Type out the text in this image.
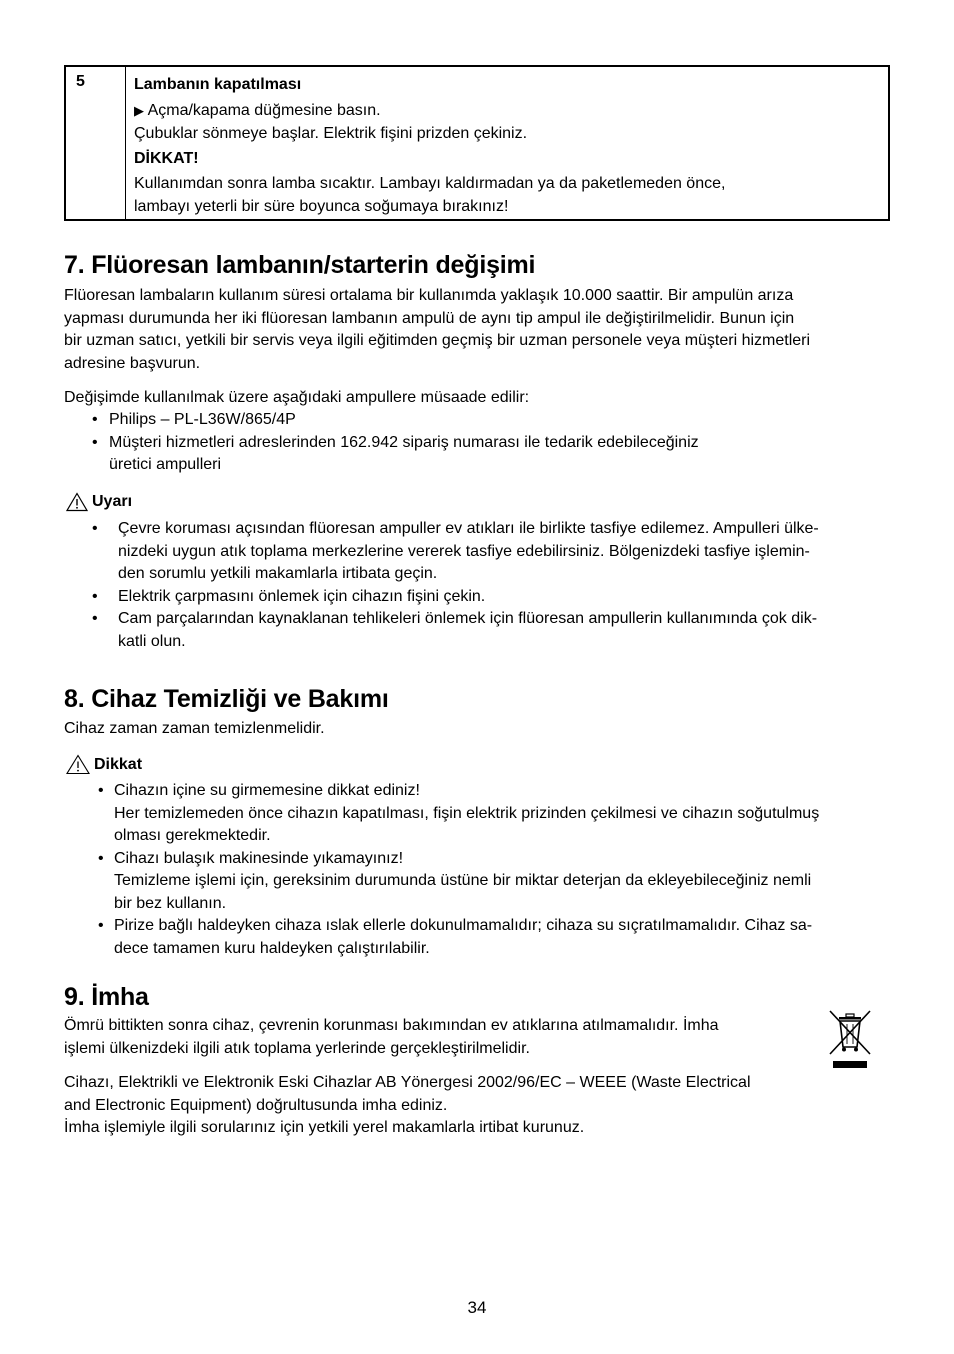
5	Lambanın kapatılması
▶ Açma/kapama düğmesine basın.
Çubuklar sönmeye başlar. Elektrik fişini prizden çekiniz.
DİKKAT!
Kullanımdan sonra lamba sıcaktır. Lambayı kaldırmadan ya da paketlemeden önce,
lambayı yeterli bir süre boyunca soğumaya bırakınız!
7. Flüoresan lambanın/starterin değişimi
Flüoresan lambaların kullanım süresi ortalama bir kullanımda yaklaşık 10.000 saattir. Bir ampulün arıza
yapması durumunda her iki flüoresan lambanın ampulü de aynı tip ampul ile değiştirilmelidir. Bunun için
bir uzman satıcı, yetkili bir servis veya ilgili eğitimden geçmiş bir uzman personele veya müşteri hizmetleri
adresine başvurun.
Değişimde kullanılmak üzere aşağıdaki ampullere müsaade edilir:
• Philips – PL-L36W/865/4P
• Müşteri hizmetleri adreslerinden 162.942 sipariş numarası ile tedarik edebileceğiniz
üretici ampulleri
Uyarı
• Çevre koruması açısından flüoresan ampuller ev atıkları ile birlikte tasfiye edilemez. Ampulleri ülke-
nizdeki uygun atık toplama merkezlerine vererek tasfiye edebilirsiniz. Bölgenizdeki tasfiye işlemin-
den sorumlu yetkili makamlarla irtibata geçin.
• Elektrik çarpmasını önlemek için cihazın fişini çekin.
• Cam parçalarından kaynaklanan tehlikeleri önlemek için flüoresan ampullerin kullanımında çok dik-
katli olun.
8. Cihaz Temizliği ve Bakımı
Cihaz zaman zaman temizlenmelidir.
Dikkat
• Cihazın içine su girmemesine dikkat ediniz!
Her temizlemeden önce cihazın kapatılması, fişin elektrik prizinden çekilmesi ve cihazın soğutulmuş
olması gerekmektedir.
• Cihazı bulaşık makinesinde yıkamayınız!
Temizleme işlemi için, gereksinim durumunda üstüne bir miktar deterjan da ekleyebileceğiniz nemli
bir bez kullanın.
• Pirize bağlı haldeyken cihaza ıslak ellerle dokunulmamalıdır; cihaza su sıçratılmamalıdır. Cihaz sa-
dece tamamen kuru haldeyken çalıştırılabilir.
9. İmha
Ömrü bittikten sonra cihaz, çevrenin korunması bakımından ev atıklarına atılmamalıdır. İmha
işlemi ülkenizdeki ilgili atık toplama yerlerinde gerçekleştirilmelidir.
Cihazı, Elektrikli ve Elektronik Eski Cihazlar AB Yönergesi 2002/96/EC – WEEE (Waste Electrical
and Electronic Equipment) doğrultusunda imha ediniz.
İmha işlemiyle ilgili sorularınız için yetkili yerel makamlarla irtibat kurunuz.
34
